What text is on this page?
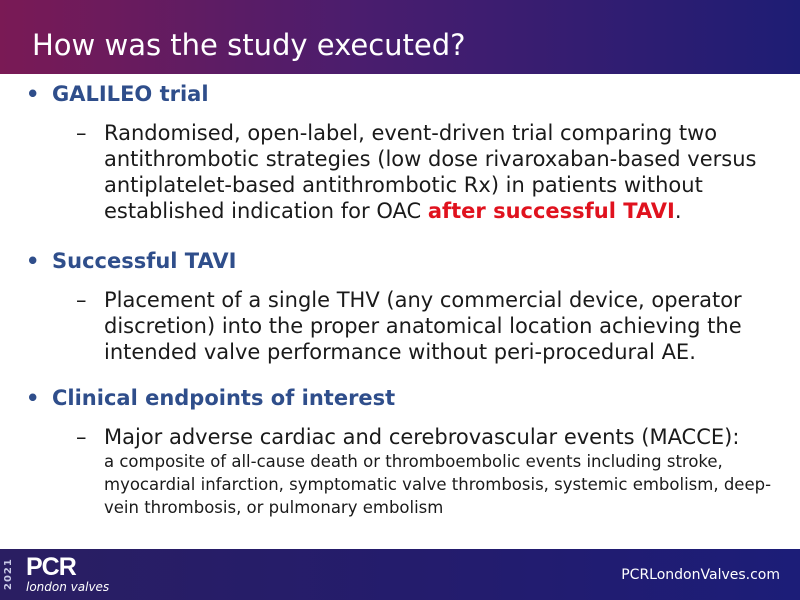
How was the study executed?
• GALILEO trial
– Randomised, open-label, event-driven trial comparing two antithrombotic strategies (low dose rivaroxaban-based versus antiplatelet-based antithrombotic Rx) in patients without established indication for OAC after successful TAVI.
• Successful TAVI
– Placement of a single THV (any commercial device, operator discretion) into the proper anatomical location achieving the intended valve performance without peri-procedural AE.
• Clinical endpoints of interest
– Major adverse cardiac and cerebrovascular events (MACCE):
a composite of all-cause death or thromboembolic events including stroke, myocardial infarction, symptomatic valve thrombosis, systemic embolism, deep-vein thrombosis, or pulmonary embolism
2021 PCR
london valves
PCRLondonValves.com
